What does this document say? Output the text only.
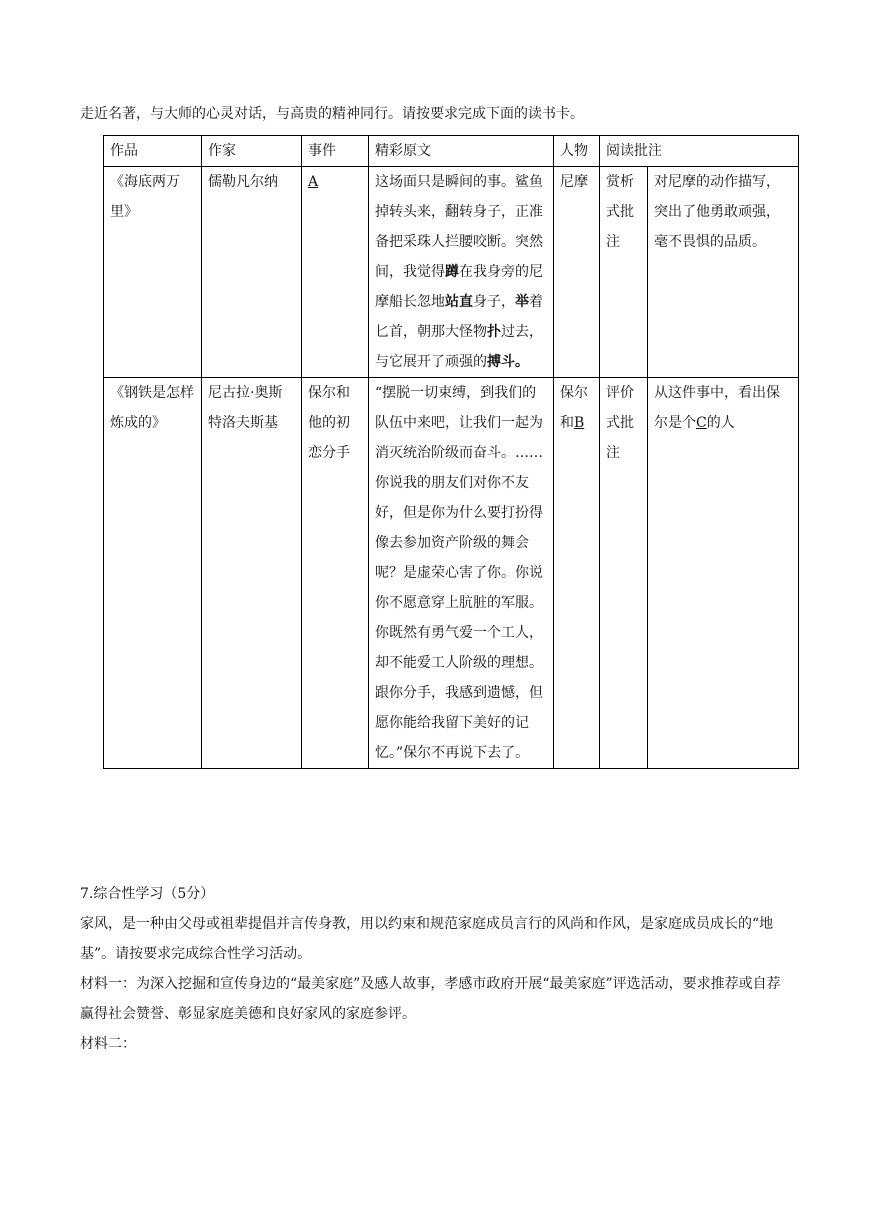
走近名著，与大师的心灵对话，与高贵的精神同行。请按要求完成下面的读书卡。
作品	作家	事件	精彩原文	人物	阅读批注	
《海底两万里》	儒勒凡尔纳	A	这场面只是瞬间的事。鲨鱼掉转头来，翻转身子，正准备把采珠人拦腰咬断。突然间，我觉得蹲在我身旁的尼摩船长忽地站直身子，举着匕首，朝那大怪物扑过去，与它展开了顽强的搏斗。	尼摩	赏析式批注	对尼摩的动作描写，突出了他勇敢顽强，毫不畏惧的品质。
《钢铁是怎样炼成的》	尼古拉·奥斯特洛夫斯基	保尔和他的初恋分手	“摆脱一切束缚，到我们的队伍中来吧，让我们一起为消灭统治阶级而奋斗。……你说我的朋友们对你不友好，但是你为什么要打扮得像去参加资产阶级的舞会呢？是虚荣心害了你。你说你不愿意穿上肮脏的军服。你既然有勇气爱一个工人，却不能爱工人阶级的理想。跟你分手，我感到遗憾，但愿你能给我留下美好的记忆。”保尔不再说下去了。	保尔和B	评价式批注	从这件事中，看出保尔是个C的人
7.综合性学习（5分）
家风，是一种由父母或祖辈提倡并言传身教，用以约束和规范家庭成员言行的风尚和作风，是家庭成员成长的“地基”。请按要求完成综合性学习活动。
材料一：为深入挖掘和宣传身边的“最美家庭”及感人故事，孝感市政府开展“最美家庭”评选活动，要求推荐或自荐赢得社会赞誉、彰显家庭美德和良好家风的家庭参评。
材料二：
